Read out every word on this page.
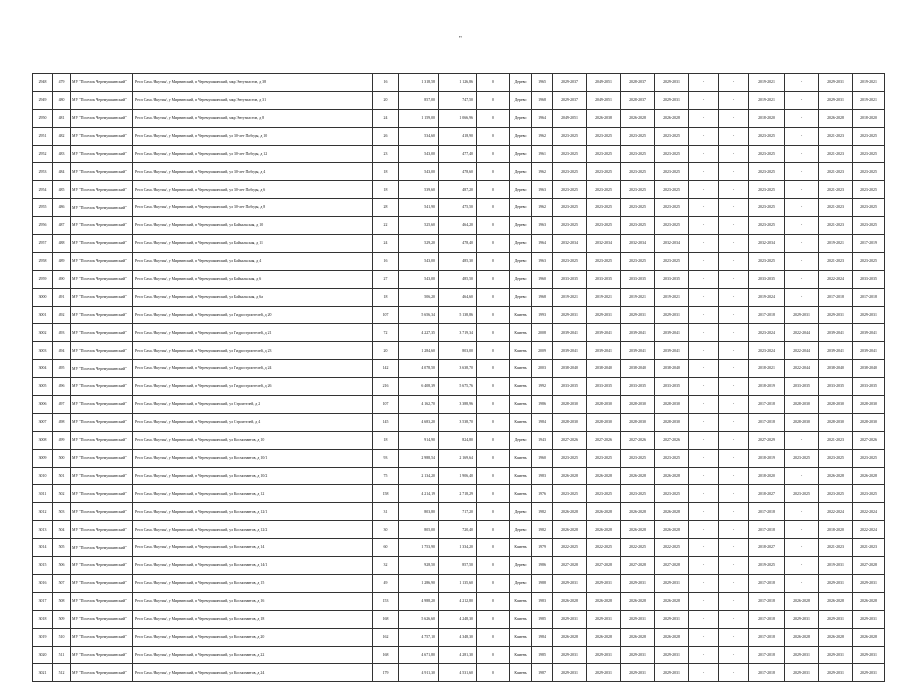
"
2948	479	МУ "Поселок Черемушкинский"	Респ Саха /Якутия/, у Мирнинский, п Черемушкинский, мкр Энтузиастов, д 38	16	1 318,58	1 126,86	0	Дерево	1965	2029-2037	2049-2051	2028-2037	2029-2031	-	-	2019-2021	-	2029-2031	2019-2021
2949	480	МУ "Поселок Черемушкинский"	Респ Саха /Якутия/, у Мирнинский, п Черемушкинский, мкр Энтузиастов, д 31	20	857,00	747,50	0	Дерево	1968	2029-2037	2049-2051	2028-2037	2029-2031	-	-	2019-2021	-	2029-2031	2019-2021
2950	481	МУ "Поселок Черемушкинский"	Респ Саха /Якутия/, у Мирнинский, п Черемушкинский, мкр Энтузиастов, д 8	24	1 159,00	1 066,96	0	Дерево	1964	2049-2051	2026-2038	2026-2028	2026-2028	-	-	2018-2020	-	2026-2028	2018-2020
2951	482	МУ "Поселок Черемушкинский"	Респ Саха /Якутия/, у Мирнинский, п Черемушкинский, ул 30-лет Победы, д 10	26	534,60	418,90	0	Дерево	1962	2023-2025	2023-2025	2023-2025	2023-2025	-	-	2023-2025	-	2021-2023	2023-2025
2952	483	МУ "Поселок Черемушкинский"	Респ Саха /Якутия/, у Мирнинский, п Черемушкинский, ул 30-лет Победы, д 12	23	543,00	477,40	0	Дерево	1961	2023-2025	2023-2025	2023-2025	2023-2025	-	-	2023-2025	-	2021-2023	2023-2025
2953	484	МУ "Поселок Черемушкинский"	Респ Саха /Якутия/, у Мирнинский, п Черемушкинский, ул 30-лет Победы, д 4	18	543,00	478,60	0	Дерево	1962	2023-2025	2023-2025	2023-2025	2023-2025	-	-	2023-2025	-	2021-2023	2023-2025
2954	485	МУ "Поселок Черемушкинский"	Респ Саха /Якутия/, у Мирнинский, п Черемушкинский, ул 30-лет Победы, д 6	18	539,60	487,20	0	Дерево	1963	2023-2025	2023-2025	2023-2025	2023-2025	-	-	2023-2025	-	2021-2023	2023-2025
2955	486	МУ "Поселок Черемушкинский"	Респ Саха /Якутия/, у Мирнинский, п Черемушкинский, ул 30-лет Победы, д 8	28	541,90	475,50	0	Дерево	1962	2023-2025	2023-2025	2023-2025	2023-2025	-	-	2023-2025	-	2021-2023	2023-2025
2956	487	МУ "Поселок Черемушкинский"	Респ Саха /Якутия/, у Мирнинский, п Черемушкинский, ул Байкальская, д 10	22	525,60	464,20	0	Дерево	1963	2023-2025	2023-2025	2023-2025	2023-2025	-	-	2023-2025	-	2021-2023	2023-2025
2957	488	МУ "Поселок Черемушкинский"	Респ Саха /Якутия/, у Мирнинский, п Черемушкинский, ул Байкальская, д 11	24	529,20	478,40	0	Дерево	1964	2032-2034	2032-2034	2032-2034	2032-2034	-	-	2032-2034	-	2019-2021	2017-2019
2958	489	МУ "Поселок Черемушкинский"	Респ Саха /Якутия/, у Мирнинский, п Черемушкинский, ул Байкальская, д 4	16	543,00	485,30	0	Дерево	1963	2023-2025	2023-2025	2023-2025	2023-2025	-	-	2023-2025	-	2021-2023	2023-2025
2959	490	МУ "Поселок Черемушкинский"	Респ Саха /Якутия/, у Мирнинский, п Черемушкинский, ул Байкальская, д 6	27	543,00	485,50	0	Дерево	1960	2033-2035	2033-2035	2033-2035	2033-2035	-	-	2033-2035	-	2022-2024	2033-2035
3000	491	МУ "Поселок Черемушкинский"	Респ Саха /Якутия/, у Мирнинский, п Черемушкинский, ул Байкальская, д 6а	18	506,20	464,60	0	Дерево	1968	2019-2021	2019-2021	2019-2021	2019-2021	-	-	2019-2024	-	2017-2018	2017-2018
3001	492	МУ "Поселок Черемушкинский"	Респ Саха /Якутия/, у Мирнинский, п Черемушкинский, ул Гидростроителей, д 20	107	5 656,34	5 138,86	0	Камень	1993	2029-2031	2029-2031	2029-2031	2029-2031	-	-	2017-2018	2029-2031	2029-2031	2029-2031
3002	493	МУ "Поселок Черемушкинский"	Респ Саха /Якутия/, у Мирнинский, п Черемушкинский, ул Гидростроителей, д 21	72	4 227,35	3 719,34	0	Камень	2008	2039-2041	2039-2041	2039-2041	2039-2041	-	-	2023-2024	2022-2044	2039-2041	2039-2041
3003	494	МУ "Поселок Черемушкинский"	Респ Саха /Якутия/, у Мирнинский, п Черемушкинский, ул Гидростроителей, д 23	20	1 284,60	803,00	0	Камень	2009	2039-2041	2039-2041	2039-2041	2039-2041	-	-	2023-2024	2022-2044	2039-2041	2039-2041
3004	495	МУ "Поселок Черемушкинский"	Респ Саха /Якутия/, у Мирнинский, п Черемушкинский, ул Гидростроителей, д 24	142	4 078,50	3 638,70	0	Камень	2003	2038-2040	2038-2040	2038-2040	2038-2040	-	-	2018-2021	2022-2044	2038-2040	2038-2040
3005	496	МУ "Поселок Черемушкинский"	Респ Саха /Якутия/, у Мирнинский, п Черемушкинский, ул Гидростроителей, д 26	216	6 408,39	5 675,76	0	Камень	1992	2033-2035	2033-2035	2033-2035	2033-2035	-	-	2018-2019	2033-2035	2033-2035	2033-2035
3006	497	МУ "Поселок Черемушкинский"	Респ Саха /Якутия/, у Мирнинский, п Черемушкинский, ул Строителей, д 2	107	4 162,70	3 388,96	0	Камень	1986	2028-2030	2028-2030	2028-2030	2028-2030	-	-	2017-2018	2028-2030	2028-2030	2028-2030
3007	498	МУ "Поселок Черемушкинский"	Респ Саха /Якутия/, у Мирнинский, п Черемушкинский, ул Строителей, д 4	145	4 683,20	3 538,70	0	Камень	1984	2028-2030	2028-2030	2028-2030	2028-2030	-	-	2017-2018	2028-2030	2028-2030	2028-2030
3008	499	МУ "Поселок Черемушкинский"	Респ Саха /Якутия/, у Мирнинский, п Черемушкинский, ул Космонавтов, д 10	18	914,90	824,80	0	Дерево	1943	2027-2026	2027-2026	2027-2026	2027-2026	-	-	2027-2029	-	2021-2023	2027-2026
3009	500	МУ "Поселок Черемушкинский"	Респ Саха /Якутия/, у Мирнинский, п Черемушкинский, ул Космонавтов, д 10/1	93	2 988,54	2 169,64	0	Камень	1960	2023-2025	2023-2025	2023-2025	2023-2025	-	-	2018-2019	2023-2025	2023-2025	2023-2025
3010	501	МУ "Поселок Черемушкинский"	Респ Саха /Якутия/, у Мирнинский, п Черемушкинский, ул Космонавтов, д 10/2	75	2 134,20	1 906,40	0	Камень	1983	2026-2028	2026-2028	2026-2028	2026-2028	-	-	2018-2020	-	2026-2028	2026-2028
3011	502	МУ "Поселок Черемушкинский"	Респ Саха /Якутия/, у Мирнинский, п Черемушкинский, ул Космонавтов, д 12	158	4 214,19	2 718,29	0	Камень	1976	2023-2025	2023-2025	2023-2025	2023-2025	-	-	2018-2027	2023-2025	2023-2025	2023-2025
3012	503	МУ "Поселок Черемушкинский"	Респ Саха /Якутия/, у Мирнинский, п Черемушкинский, ул Космонавтов, д 12/1	31	803,80	717,20	0	Дерево	1982	2026-2028	2026-2028	2026-2028	2026-2028	-	-	2017-2018	-	2022-2024	2022-2024
3013	504	МУ "Поселок Черемушкинский"	Респ Саха /Якутия/, у Мирнинский, п Черемушкинский, ул Космонавтов, д 12/2	30	805,00	720,40	0	Дерево	1982	2026-2028	2026-2028	2026-2028	2026-2028	-	-	2017-2018	-	2018-2020	2022-2024
3014	505	МУ "Поселок Черемушкинский"	Респ Саха /Якутия/, у Мирнинский, п Черемушкинский, ул Космонавтов, д 14	60	1 753,90	1 334,20	0	Камень	1979	2022-2025	2022-2025	2022-2025	2022-2025	-	-	2018-2027	-	2021-2023	2021-2023
3015	506	МУ "Поселок Черемушкинский"	Респ Саха /Якутия/, у Мирнинский, п Черемушкинский, ул Космонавтов, д 14/1	32	928,50	857,50	0	Дерево	1986	2027-2028	2027-2028	2027-2028	2027-2028	-	-	2019-2025	-	2019-2031	2027-2028
3016	507	МУ "Поселок Черемушкинский"	Респ Саха /Якутия/, у Мирнинский, п Черемушкинский, ул Космонавтов, д 15	49	1 286,90	1 135,60	0	Дерево	1988	2029-2031	2029-2031	2029-2031	2029-2031	-	-	2017-2018	-	2029-2031	2029-2031
3017	508	МУ "Поселок Черемушкинский"	Респ Саха /Якутия/, у Мирнинский, п Черемушкинский, ул Космонавтов, д 16	153	4 988,20	4 212,80	0	Камень	1983	2026-2028	2026-2028	2026-2028	2026-2028	-	-	2017-2018	2026-2028	2026-2028	2026-2028
3018	509	МУ "Поселок Черемушкинский"	Респ Саха /Якутия/, у Мирнинский, п Черемушкинский, ул Космонавтов, д 18	168	5 626,60	4 248,30	0	Камень	1985	2029-2031	2029-2031	2029-2031	2029-2031	-	-	2017-2018	2029-2031	2029-2031	2029-2031
3019	510	МУ "Поселок Черемушкинский"	Респ Саха /Якутия/, у Мирнинский, п Черемушкинский, ул Космонавтов, д 20	162	4 757,10	4 348,30	0	Камень	1984	2026-2028	2026-2028	2026-2028	2026-2028	-	-	2017-2018	2026-2028	2026-2028	2026-2028
3020	511	МУ "Поселок Черемушкинский"	Респ Саха /Якутия/, у Мирнинский, п Черемушкинский, ул Космонавтов, д 22	168	4 671,80	4 281,30	0	Камень	1985	2029-2031	2029-2031	2029-2031	2029-2031	-	-	2017-2018	2029-2031	2029-2031	2029-2031
3021	512	МУ "Поселок Черемушкинский"	Респ Саха /Якутия/, у Мирнинский, п Черемушкинский, ул Космонавтов, д 24	179	4 911,30	4 531,60	0	Камень	1987	2029-2031	2029-2031	2029-2031	2029-2031	-	-	2017-2018	2029-2031	2029-2031	2029-2031
